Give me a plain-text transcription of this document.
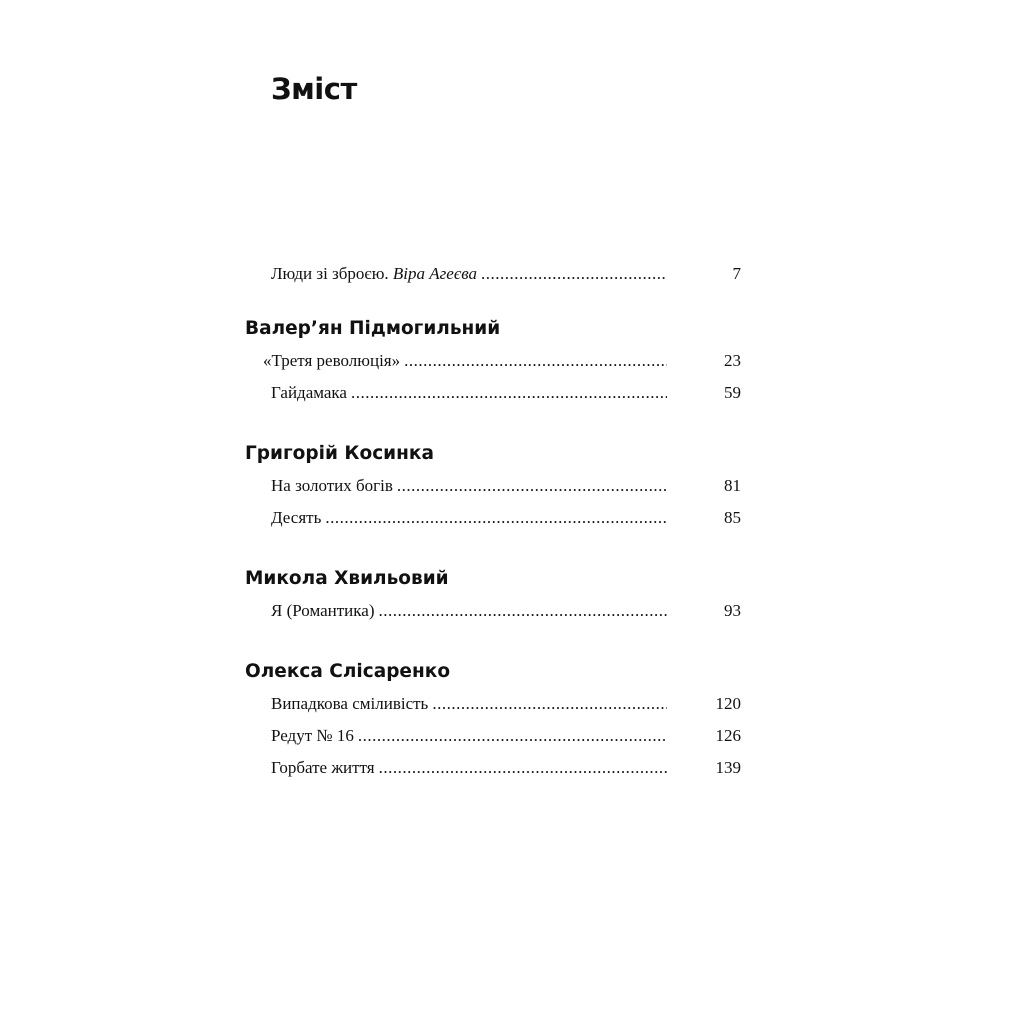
Зміст
Люди зі зброєю. Віра Агеєва .....	7
Валер’ян Підмогильний
«Третя революція» .....	23
Гайдамака .....	59
Григорій Косинка
На золотих богів .....	81
Десять .....	85
Микола Хвильовий
Я (Романтика) .....	93
Олекса Слісаренко
Випадкова сміливість .....	120
Редут № 16 .....	126
Горбате життя .....	139
